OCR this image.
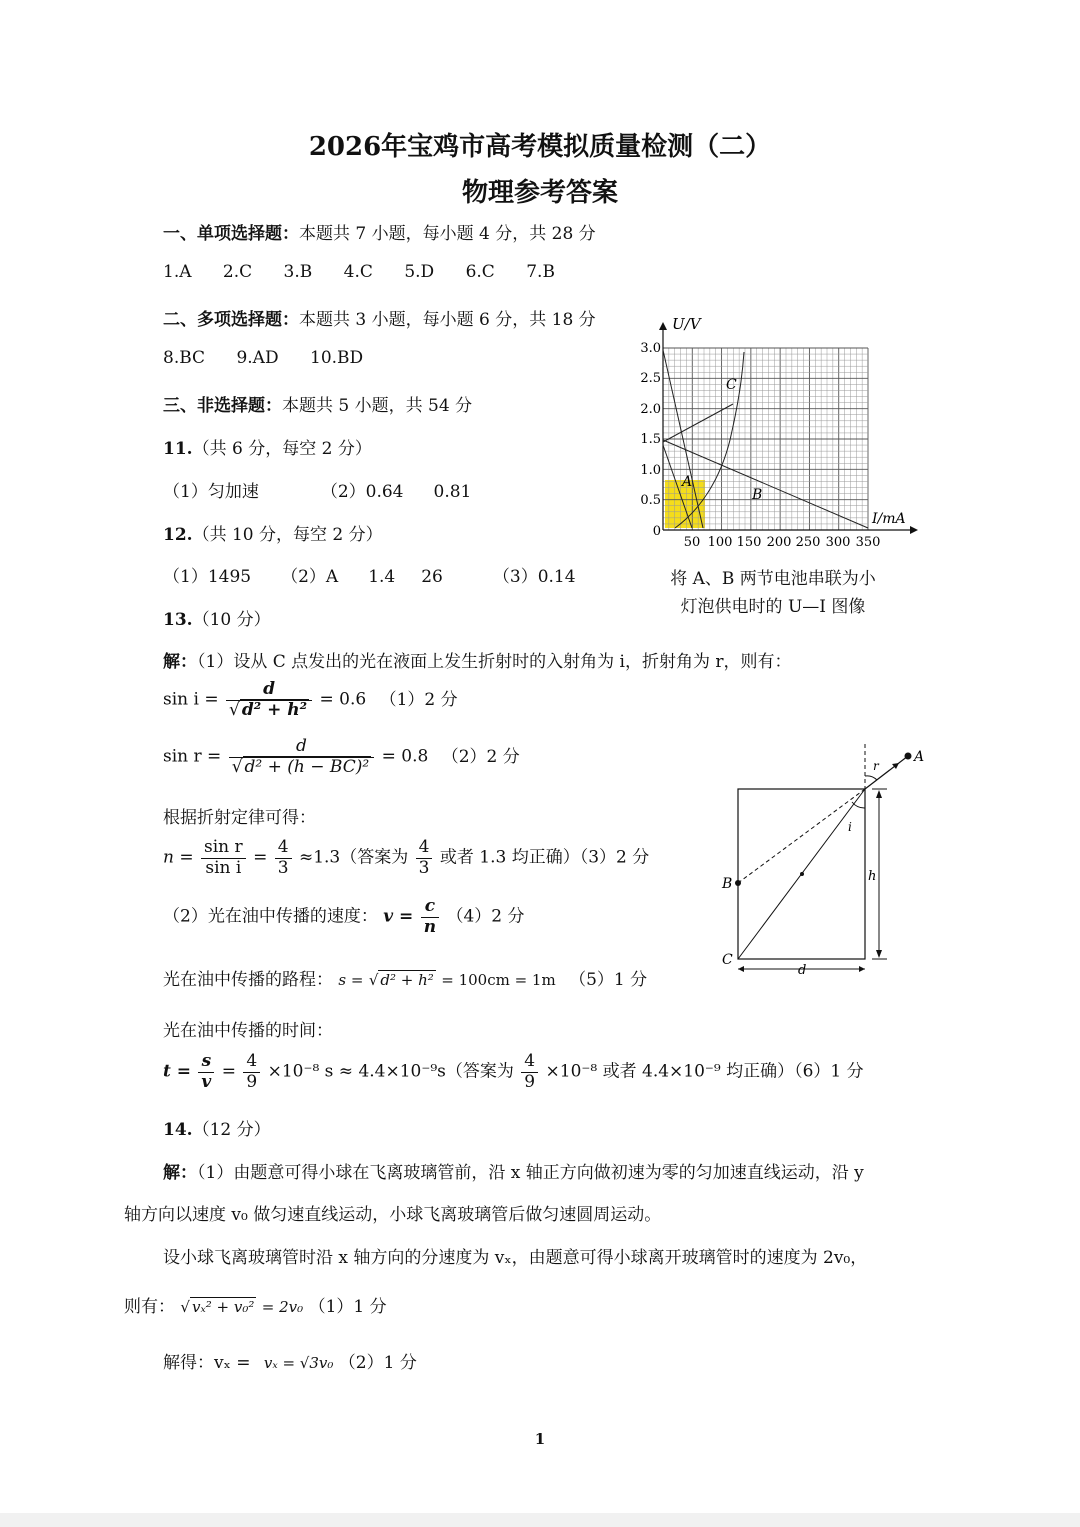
2026年宝鸡市高考模拟质量检测（二）
物理参考答案
一、单项选择题：本题共 7 小题，每小题 4 分，共 28 分
1.A 2.C 3.B 4.C 5.D 6.C 7.B
二、多项选择题：本题共 3 小题，每小题 6 分，共 18 分
8.BC 9.AD 10.BD
三、非选择题：本题共 5 小题，共 54 分
11.（共 6 分，每空 2 分）
（1）匀加速	（2）0.64 0.81
12.（共 10 分，每空 2 分）
（1）1495 （2）A 1.4 26	（3）0.14
13.（10 分）
解：（1）设从 C 点发出的光在液面上发生折射时的入射角为 i，折射角为 r，则有：
$\sin i = \frac{d}{\text{√ d² + h²}} = 0.6$ （1）2 分
$\sin r = \frac{d}{\text{√ d² + (h − BC)²}} = 0.8$ （2）2 分
根据折射定律可得：
$n = \frac{\text{sin r}}{\text{sin i}} = \frac{4}{3} \approx 1.3$（答案为 $\frac{4}{3}$ 或者 1.3 均正确）（3）2 分
（2）光在油中传播的速度： $v = \frac{c}{n} (4)2$ 分
光在油中传播的路程： s = √ d² + h² = 100cm = 1m （5）1 分
光在油中传播的时间：
$t = \frac{s}{v} = \frac{4}{9} \times 10^{-8}$ s ≈ 4.4×10⁻⁹s（答案为 $\frac{4}{9} \times 10^{-8}$ 或者 4.4×10⁻⁹ 均正确）（6）1 分
14.（12 分）
解：（1）由题意可得小球在飞离玻璃管前，沿 x 轴正方向做初速为零的匀加速直线运动，沿 y
轴方向以速度 v₀ 做匀速直线运动，小球飞离玻璃管后做匀速圆周运动。
设小球飞离玻璃管时沿 x 轴方向的分速度为 vₓ，由题意可得小球离开玻璃管时的速度为 2v₀，
则有： √ vₓ² + v₀² = 2v₀ （1）1 分
解得：vₓ = vₓ = √3v₀ （2）1 分
U/V
I/mA
3.0
2.5
2.0
1.5
1.0
0.5
0
50 100 150 200 250 300 350
A
B
C
将 A、B 两节电池串联为小
灯泡供电时的 U—I 图像
A
r
i
h
B
C
d
1
